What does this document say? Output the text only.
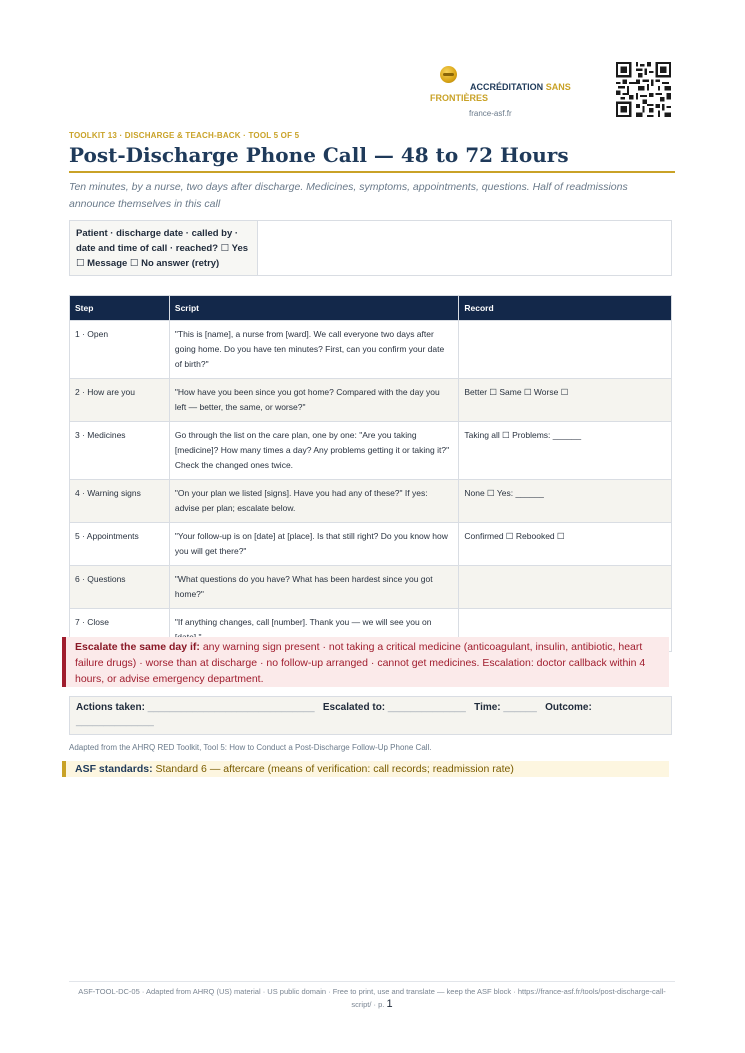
ACCRÉDITATION SANS FRONTIÈRES
france-asf.fr
TOOLKIT 13 · DISCHARGE & TEACH-BACK · TOOL 5 OF 5
Post-Discharge Phone Call — 48 to 72 Hours
Ten minutes, by a nurse, two days after discharge. Medicines, symptoms, appointments, questions. Half of readmissions announce themselves in this call
Patient · discharge date · called by · date and time of call · reached? ☐ Yes ☐ Message ☐ No answer (retry)
Step	Script	Record
1 · Open	"This is [name], a nurse from [ward]. We call everyone two days after going home. Do you have ten minutes? First, can you confirm your date of birth?"	
2 · How are you	"How have you been since you got home? Compared with the day you left — better, the same, or worse?"	Better ☐ Same ☐ Worse ☐
3 · Medicines	Go through the list on the care plan, one by one: "Are you taking [medicine]? How many times a day? Any problems getting it or taking it?" Check the changed ones twice.	Taking all ☐ Problems: ______
4 · Warning signs	"On your plan we listed [signs]. Have you had any of these?" If yes: advise per plan; escalate below.	None ☐ Yes: ______
5 · Appointments	"Your follow-up is on [date] at [place]. Is that still right? Do you know how you will get there?"	Confirmed ☐ Rebooked ☐
6 · Questions	"What questions do you have? What has been hardest since you got home?"	
7 · Close	"If anything changes, call [number]. Thank you — we will see you on	
Escalate the same day if: any warning sign present · not taking a critical medicine (anticoagulant, insulin, antibiotic, heart failure drugs) · worse than at discharge · no follow-up arranged · cannot get medicines. Escalation: doctor callback within 4 hours, or advise emergency department.
Actions taken: ______________________________ Escalated to: ______________ Time: ______ Outcome: ______________
Adapted from the AHRQ RED Toolkit, Tool 5: How to Conduct a Post-Discharge Follow-Up Phone Call.
ASF standards: Standard 6 — aftercare (means of verification: call records; readmission rate)
ASF-TOOL-DC-05 · Adapted from AHRQ (US) material · US public domain · Free to print, use and translate — keep the ASF block · https://france-asf.fr/tools/post-discharge-call-script/ · p. 1
